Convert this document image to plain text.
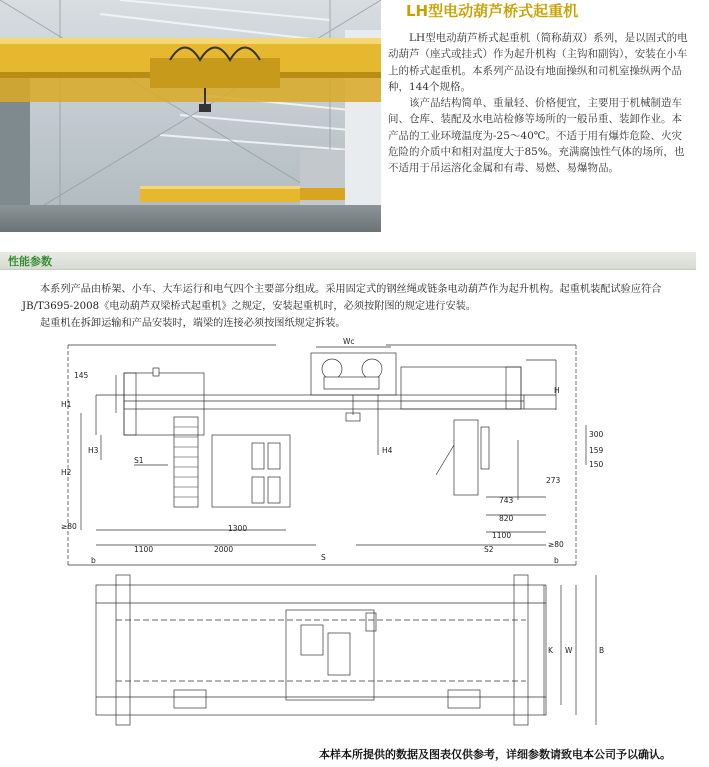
LH型电动葫芦桥式起重机

LH型电动葫芦桥式起重机（简称葫双）系列，是以固式的电动葫芦（座式或挂式）作为起升机构（主钩和副钩），安装在小车上的桥式起重机。本系列产品设有地面操纵和司机室操纵两个品种，144个规格。

该产品结构简单、重量轻、价格便宜，主要用于机械制造车间、仓库、装配及水电站检修等场所的一般吊重、装卸作业。本产品的工业环境温度为-25～40℃。不适于用有爆炸危险、火灾危险的介质中和相对温度大于85%。充满腐蚀性气体的场所，也不适用于吊运溶化金属和有毒、易燃、易爆物品。

性能参数

本系列产品由桥架、小车、大车运行和电气四个主要部分组成。采用固定式的钢丝绳或链条电动葫芦作为起升机构。起重机装配试验应符合

JB/T3695-2008《电动葫芦双梁桥式起重机》之规定，安装起重机时，必须按附图的规定进行安装。

起重机在拆卸运输和产品安装时，端梁的连接必须按图纸规定拆装。

Wc
H
H1
H2
H3	H4
S1
S2
S
b	b
145
1100	2000
1300
743
820
1100
273
150
159
300
≥80
≥80
K W	B
本样本所提供的数据及图表仅供参考，详细参数请致电本公司予以确认。
